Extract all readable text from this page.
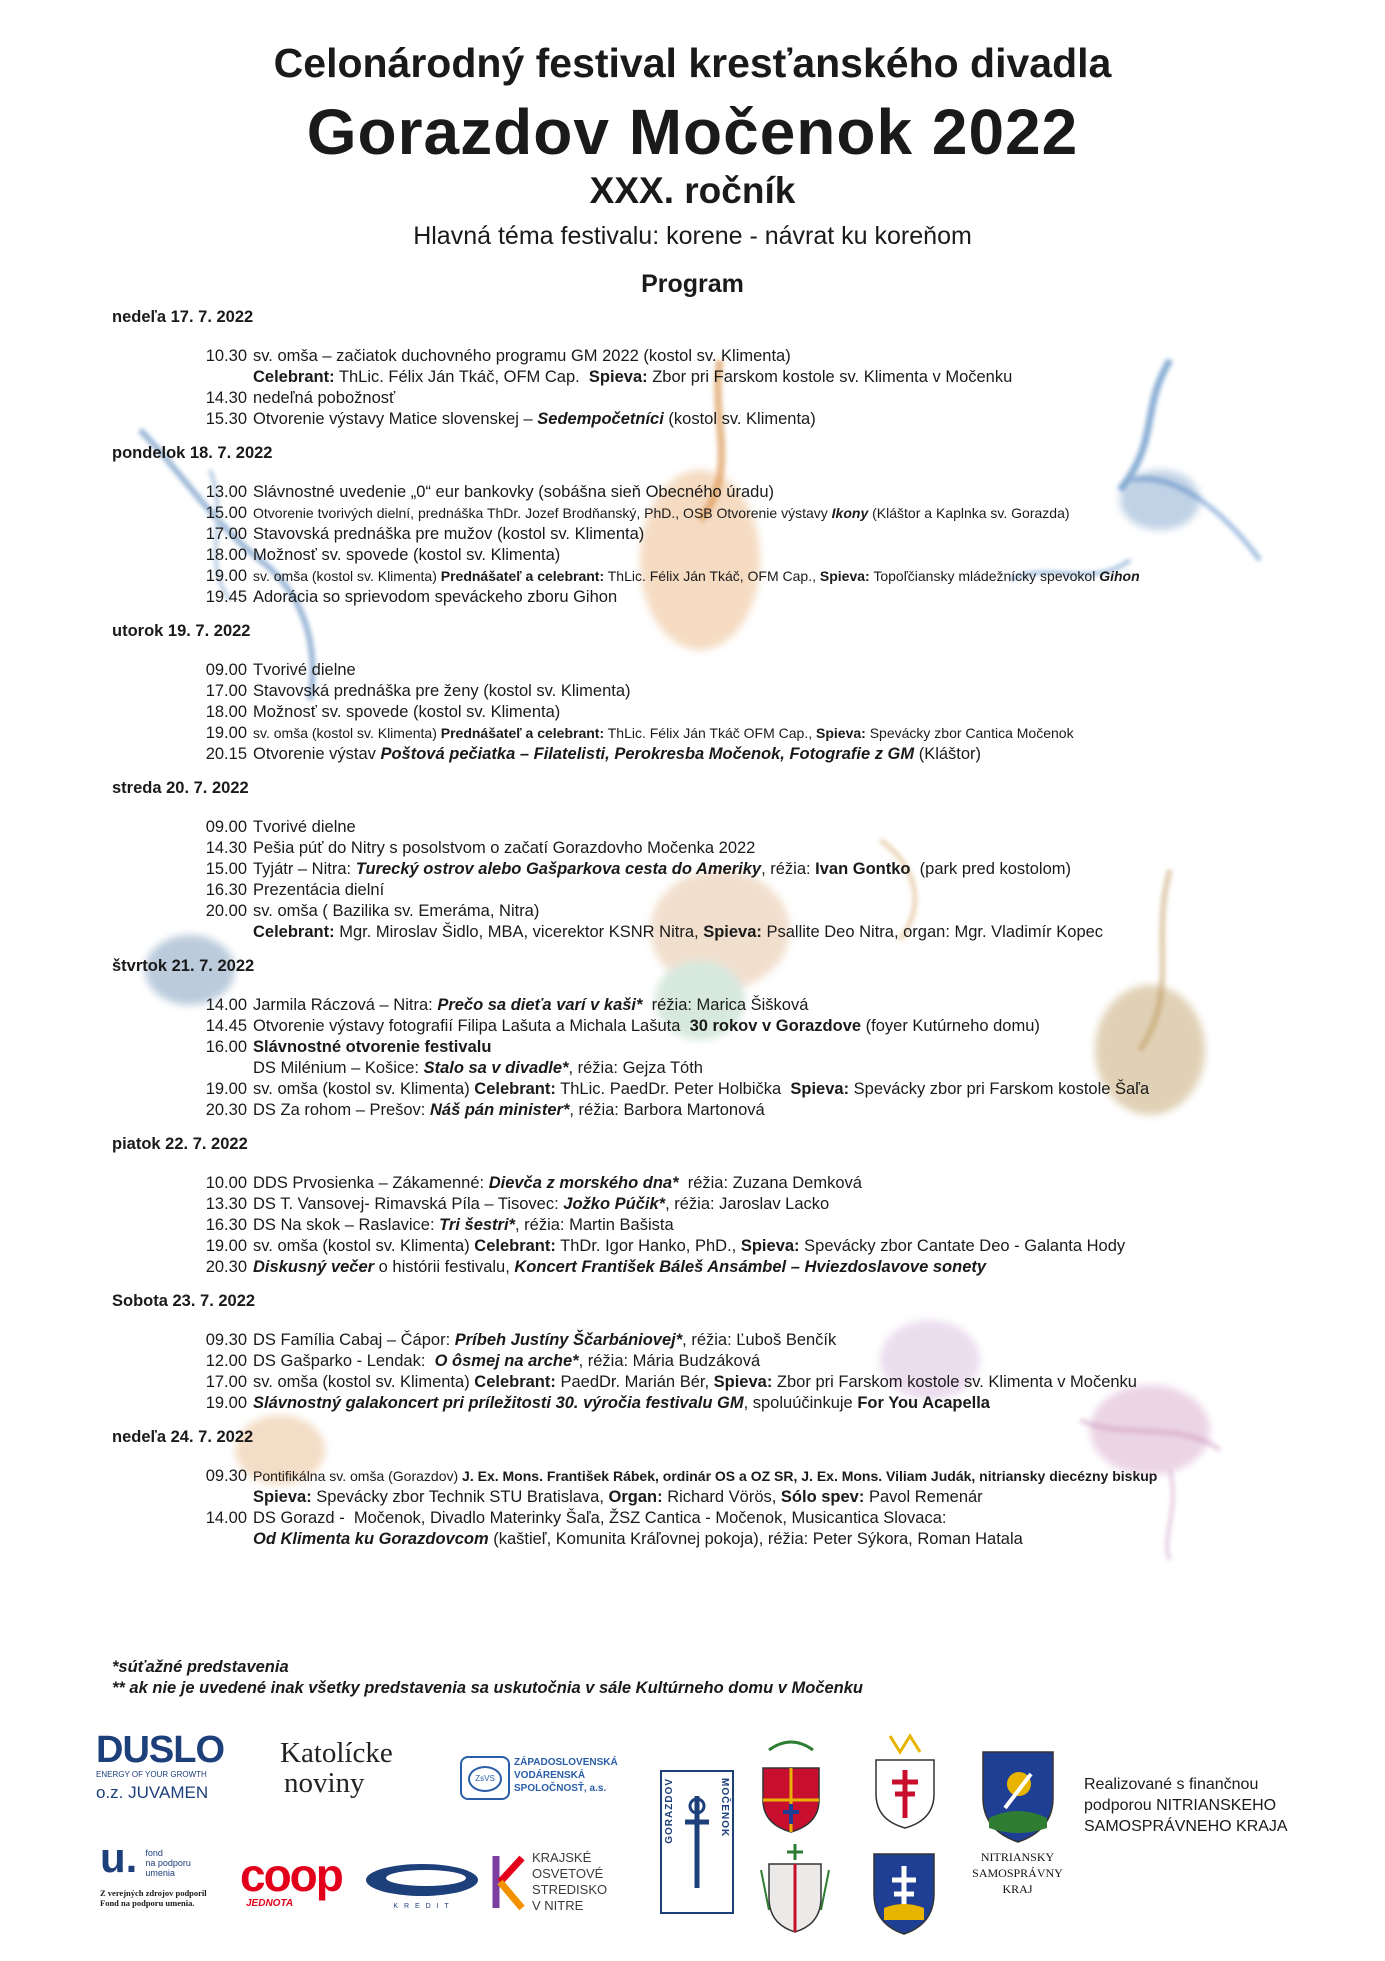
Celonárodný festival kresťanského divadla
Gorazdov Močenok 2022
XXX. ročník
Hlavná téma festivalu: korene - návrat ku koreňom
Program
nedeľa 17. 7. 2022
10.30 sv. omša – začiatok duchovného programu GM 2022 (kostol sv. Klimenta)
Celebrant: ThLic. Félix Ján Tkáč, OFM Cap.  Spieva: Zbor pri Farskom kostole sv. Klimenta v Močenku
14.30 nedeľná pobožnosť
15.30 Otvorenie výstavy Matice slovenskej – Sedempočetníci (kostol sv. Klimenta)
pondelok 18. 7. 2022
13.00 Slávnostné uvedenie „0“ eur bankovky (sobášna sieň Obecného úradu)
15.00 Otvorenie tvorivých dielní, prednáška ThDr. Jozef Brodňanský, PhD., OSB Otvorenie výstavy Ikony (Kláštor a Kaplnka sv. Gorazda)
17.00 Stavovská prednáška pre mužov (kostol sv. Klimenta)
18.00 Možnosť sv. spovede (kostol sv. Klimenta)
19.00 sv. omša (kostol sv. Klimenta) Prednášateľ a celebrant: ThLic. Félix Ján Tkáč, OFM Cap., Spieva: Topoľčiansky mládežnícky spevokol Gihon
19.45 Adorácia so sprievodom speváckeho zboru Gihon
utorok 19. 7. 2022
09.00 Tvorivé dielne
17.00 Stavovská prednáška pre ženy (kostol sv. Klimenta)
18.00 Možnosť sv. spovede (kostol sv. Klimenta)
19.00 sv. omša (kostol sv. Klimenta) Prednášateľ a celebrant: ThLic. Félix Ján Tkáč OFM Cap., Spieva: Spevácky zbor Cantica Močenok
20.15 Otvorenie výstav Poštová pečiatka – Filatelisti, Perokresba Močenok, Fotografie z GM (Kláštor)
streda 20. 7. 2022
09.00 Tvorivé dielne
14.30 Pešia púť do Nitry s posolstvom o začatí Gorazdovho Močenka 2022
15.00 Tyjátr – Nitra: Turecký ostrov alebo Gašparkova cesta do Ameriky, réžia: Ivan Gontko  (park pred kostolom)
16.30 Prezentácia dielní
20.00 sv. omša ( Bazilika sv. Emeráma, Nitra)
Celebrant: Mgr. Miroslav Šidlo, MBA, vicerektor KSNR Nitra, Spieva: Psallite Deo Nitra, organ: Mgr. Vladimír Kopec
štvrtok 21. 7. 2022
14.00 Jarmila Ráczová – Nitra: Prečo sa dieťa varí v kaši*  réžia: Marica Šišková
14.45 Otvorenie výstavy fotografií Filipa Lašuta a Michala Lašuta  30 rokov v Gorazdove (foyer Kutúrneho domu)
16.00 Slávnostné otvorenie festivalu
DS Milénium – Košice: Stalo sa v divadle*, réžia: Gejza Tóth
19.00 sv. omša (kostol sv. Klimenta) Celebrant: ThLic. PaedDr. Peter Holbička  Spieva: Spevácky zbor pri Farskom kostole Šaľa
20.30 DS Za rohom – Prešov: Náš pán minister*, réžia: Barbora Martonová
piatok 22. 7. 2022
10.00 DDS Prvosienka – Zákamenné: Dievča z morského dna*  réžia: Zuzana Demková
13.30 DS T. Vansovej- Rimavská Píla – Tisovec: Jožko Púčik*, réžia: Jaroslav Lacko
16.30 DS Na skok – Raslavice: Tri šestri*, réžia: Martin Bašista
19.00 sv. omša (kostol sv. Klimenta) Celebrant: ThDr. Igor Hanko, PhD., Spieva: Spevácky zbor Cantate Deo - Galanta Hody
20.30 Diskusný večer o histórii festivalu, Koncert František Báleš Ansámbel – Hviezdoslavove sonety
Sobota 23. 7. 2022
09.30 DS Família Cabaj – Čápor: Príbeh Justíny Ščarbániovej*, réžia: Ľuboš Benčík
12.00 DS Gašparko - Lendak:  O ôsmej na arche*, réžia: Mária Budzáková
17.00 sv. omša (kostol sv. Klimenta) Celebrant: PaedDr. Marián Bér, Spieva: Zbor pri Farskom kostole sv. Klimenta v Močenku
19.00 Slávnostný galakoncert pri príležitosti 30. výročia festivalu GM, spoluúčinkuje For You Acapella
nedeľa 24. 7. 2022
09.30 Pontifikálna sv. omša (Gorazdov) J. Ex. Mons. František Rábek, ordinár OS a OZ SR, J. Ex. Mons. Viliam Judák, nitriansky diecézny biskup
Spieva: Spevácky zbor Technik STU Bratislava, Organ: Richard Vörös, Sólo spev: Pavol Remenár
14.00 DS Gorazd -  Močenok, Divadlo Materinky Šaľa, ŽSZ Cantica - Močenok, Musicantica Slovaca:
Od Klimenta ku Gorazdovcom (kaštieľ, Komunita Kráľovnej pokoja), réžia: Peter Sýkora, Roman Hatala
*súťažné predstavenia
** ak nie je uvedené inak všetky predstavenia sa uskutočnia v sále Kultúrneho domu v Močenku
DUSLO
ENERGY OF YOUR GROWTH
o.z. JUVAMEN
Katolícke
noviny	ZsVS
ZÁPADOSLOVENSKÁ
VODÁRENSKÁ
SPOLOČNOSŤ, a.s.	GORAZDOV	MOČENOK
NITRIANSKY
SAMOSPRÁVNY
KRAJ
Realizované s finančnou
podporou NITRIANSKEHO
SAMOSPRÁVNEHO KRAJA
u. fond
na podporu
umenia
Z verejných zdrojov podporil
Fond na podporu umenia.
coop
JEDNOTA	K R E D I T
KRAJSKÉ
OSVETOVÉ
STREDISKO
V NITRE
